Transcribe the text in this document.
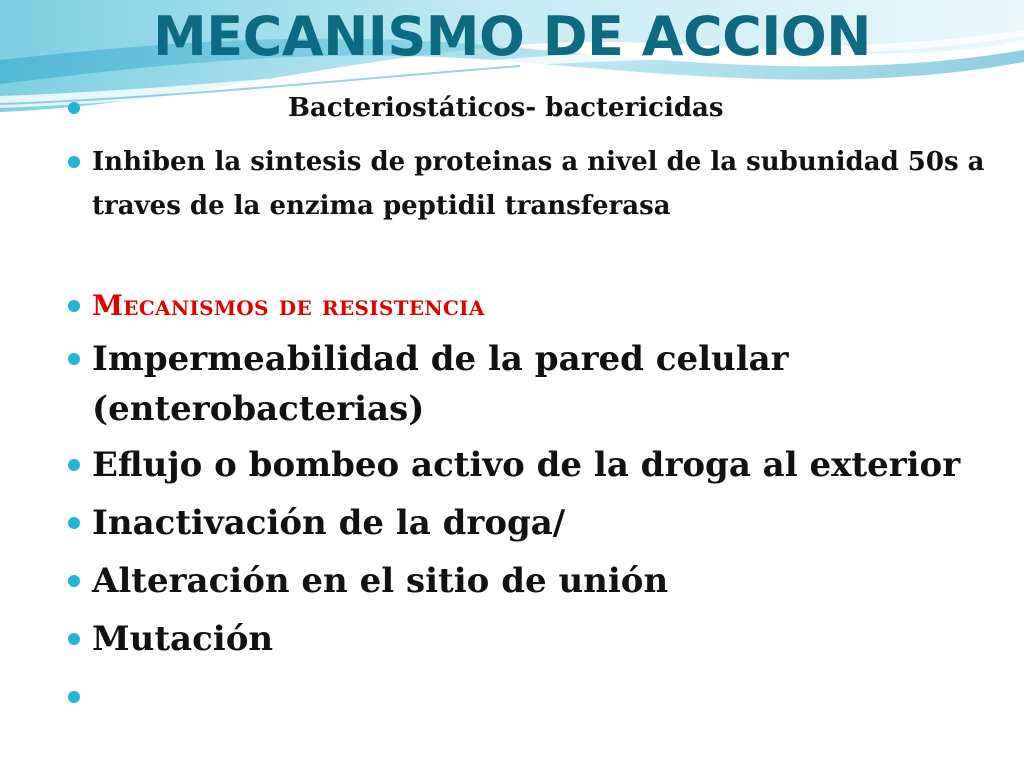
MECANISMO DE ACCION
Bacteriostáticos- bactericidas
Inhiben la sintesis de proteinas a nivel de la subunidad 50s a traves de la enzima peptidil transferasa
Mecanismos de resistencia
Impermeabilidad de la pared celular (enterobacterias)
Eflujo o bombeo activo de la droga al exterior
Inactivación de la droga/
Alteración en el sitio de unión
Mutación
